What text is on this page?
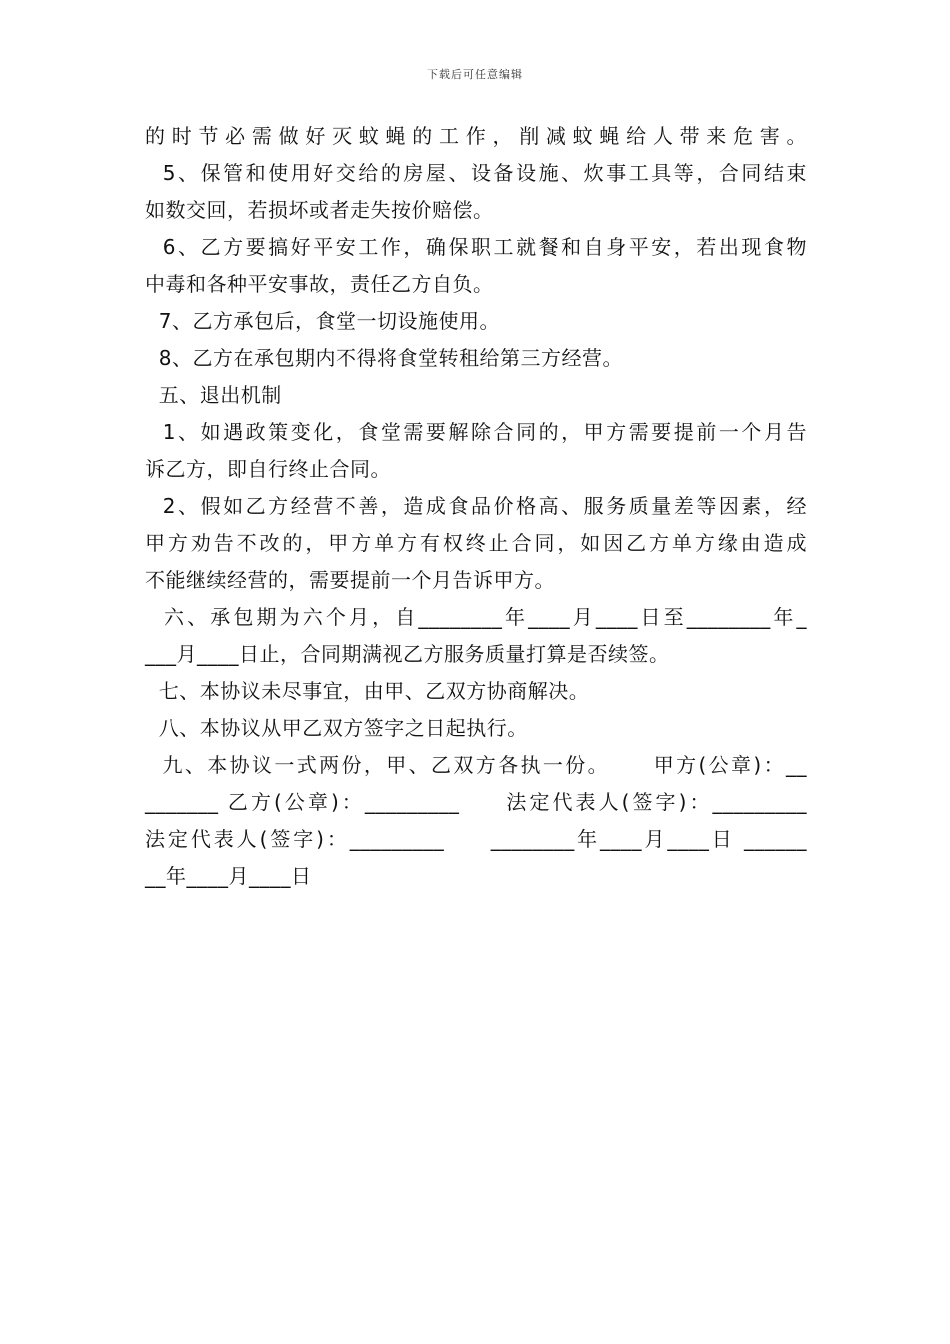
下载后可任意编辑
的时节必需做好灭蚊蝇的工作，削减蚊蝇给人带来危害。
5、保管和使用好交给的房屋、设备设施、炊事工具等，合同结束
如数交回，若损坏或者走失按价赔偿。
6、乙方要搞好平安工作，确保职工就餐和自身平安，若出现食物
中毒和各种平安事故，责任乙方自负。
7、乙方承包后，食堂一切设施使用。
8、乙方在承包期内不得将食堂转租给第三方经营。
五、退出机制
1、如遇政策变化，食堂需要解除合同的，甲方需要提前一个月告
诉乙方，即自行终止合同。
2、假如乙方经营不善，造成食品价格高、服务质量差等因素，经
甲方劝告不改的，甲方单方有权终止合同，如因乙方单方缘由造成
不能继续经营的，需要提前一个月告诉甲方。
六、承包期为六个月，自________年____月____日至________年_
___月____日止，合同期满视乙方服务质量打算是否续签。
七、本协议未尽事宜，由甲、乙双方协商解决。
八、本协议从甲乙双方签字之日起执行。
九、本协议一式两份，甲、乙双方各执一份。     甲方(公章)：__
_______ 乙方(公章)：_________     法定代表人(签字)：_________
法定代表人(签字)：_________     ________年____月____日 ______
__年____月____日
